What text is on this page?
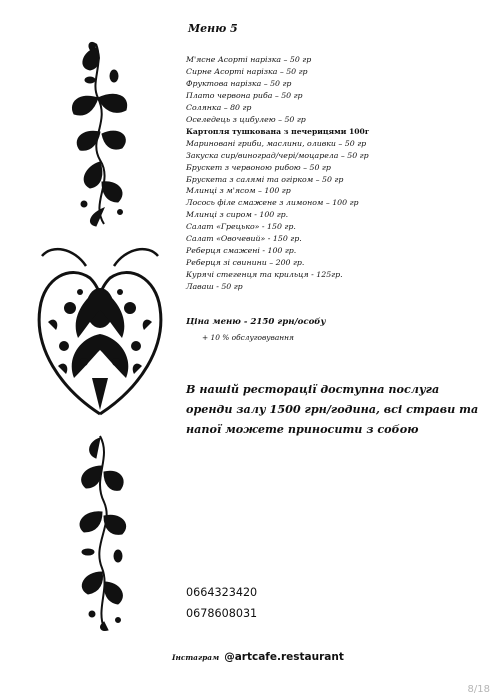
Меню 5
М'ясне Асорті нарізка – 50 гр
Сирне Асорті нарізка – 50 гр
Фруктова нарізка – 50 гр
Плато червона риба – 50 гр
Солянка – 80 гр
Оселедець з цибулею – 50 гр
Картопля тушкована з печерицями 100г
Мариновані гриби, маслини, оливки – 50 гр
Закуска сир/виноград/чері/моцарела – 50 гр
Брускет з червоною рибою – 50 гр
Брускета з салямі та огірком – 50 гр
Млинці з м'ясом – 100 гр
Лосось філе смажене з лимоном – 100 гр
Млинці з сиром - 100 гр.
Салат «Грецько» - 150 гр.
Салат «Овочевий» - 150 гр.
Реберця смажені - 100 гр.
Реберця зі свинини – 200 гр.
Курячі стегенця та крильця - 125гр.
Лаваш - 50 гр
Ціна меню - 2150 грн/особу
+ 10 % обслуговування
В нашій ресторації доступна послуга оренди залу 1500 грн/година, всі страви та напої можете приносити з собою
0664323420
0678608031
Інстаграм @artcafe.restaurant
8/18
